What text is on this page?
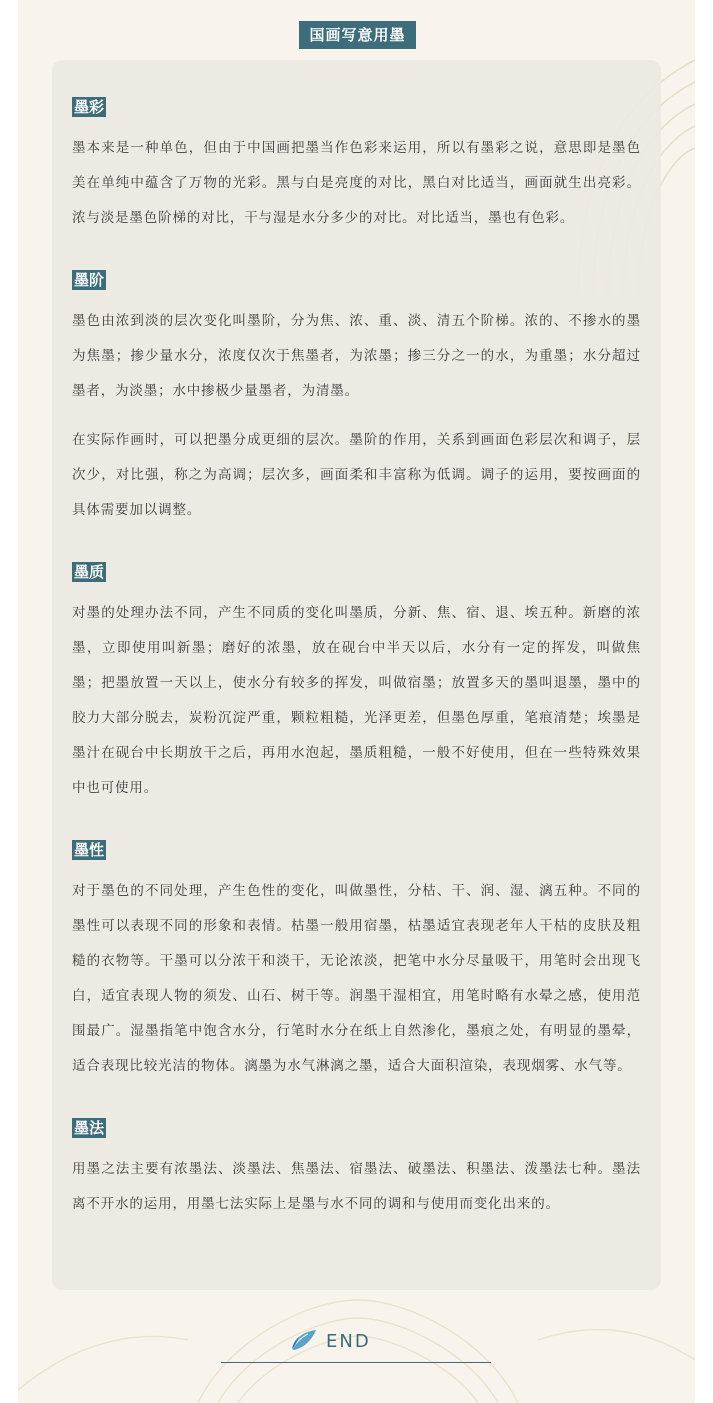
国画写意用墨
墨彩

墨本来是一种单色，但由于中国画把墨当作色彩来运用，所以有墨彩之说，意思即是墨色美在单纯中蕴含了万物的光彩。黑与白是亮度的对比，黑白对比适当，画面就生出亮彩。浓与淡是墨色阶梯的对比，干与湿是水分多少的对比。对比适当，墨也有色彩。

墨阶

墨色由浓到淡的层次变化叫墨阶，分为焦、浓、重、淡、清五个阶梯。浓的、不掺水的墨为焦墨；掺少量水分，浓度仅次于焦墨者，为浓墨；掺三分之一的水，为重墨；水分超过墨者，为淡墨；水中掺极少量墨者，为清墨。

在实际作画时，可以把墨分成更细的层次。墨阶的作用，关系到画面色彩层次和调子，层次少，对比强，称之为高调；层次多，画面柔和丰富称为低调。调子的运用，要按画面的具体需要加以调整。

墨质

对墨的处理办法不同，产生不同质的变化叫墨质，分新、焦、宿、退、埃五种。新磨的浓墨，立即使用叫新墨；磨好的浓墨，放在砚台中半天以后，水分有一定的挥发，叫做焦墨；把墨放置一天以上，使水分有较多的挥发，叫做宿墨；放置多天的墨叫退墨，墨中的胶力大部分脱去，炭粉沉淀严重，颗粒粗糙，光泽更差，但墨色厚重，笔痕清楚；埃墨是墨汁在砚台中长期放干之后，再用水泡起，墨质粗糙，一般不好使用，但在一些特殊效果中也可使用。

墨性

对于墨色的不同处理，产生色性的变化，叫做墨性，分枯、干、润、湿、漓五种。不同的墨性可以表现不同的形象和表情。枯墨一般用宿墨，枯墨适宜表现老年人干枯的皮肤及粗糙的衣物等。干墨可以分浓干和淡干，无论浓淡，把笔中水分尽量吸干，用笔时会出现飞白，适宜表现人物的须发、山石、树干等。润墨干湿相宜，用笔时略有水晕之感，使用范围最广。湿墨指笔中饱含水分，行笔时水分在纸上自然渗化，墨痕之处，有明显的墨晕，适合表现比较光洁的物体。漓墨为水气淋漓之墨，适合大面积渲染，表现烟雾、水气等。

墨法

用墨之法主要有浓墨法、淡墨法、焦墨法、宿墨法、破墨法、积墨法、泼墨法七种。墨法离不开水的运用，用墨七法实际上是墨与水不同的调和与使用而变化出来的。

END
